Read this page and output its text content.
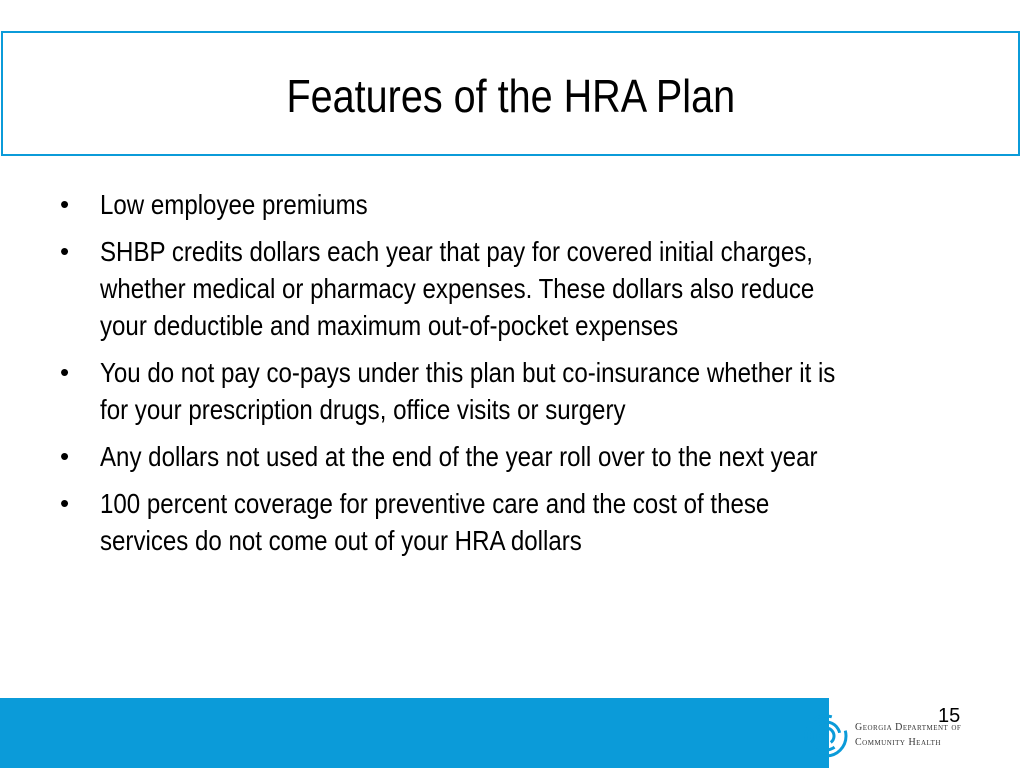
Features of the HRA Plan
•	Low employee premiums
•	SHBP credits dollars each year that pay for covered initial charges, whether medical or pharmacy expenses. These dollars also reduce your deductible and maximum out-of-pocket expenses
•	You do not pay co-pays under this plan but co-insurance whether it is for your prescription drugs, office visits or surgery
•	Any dollars not used at the end of the year roll over to the next year
•	100 percent coverage for preventive care and the cost of these services do not come out of your HRA dollars
15
Georgia Department of
Community Health
